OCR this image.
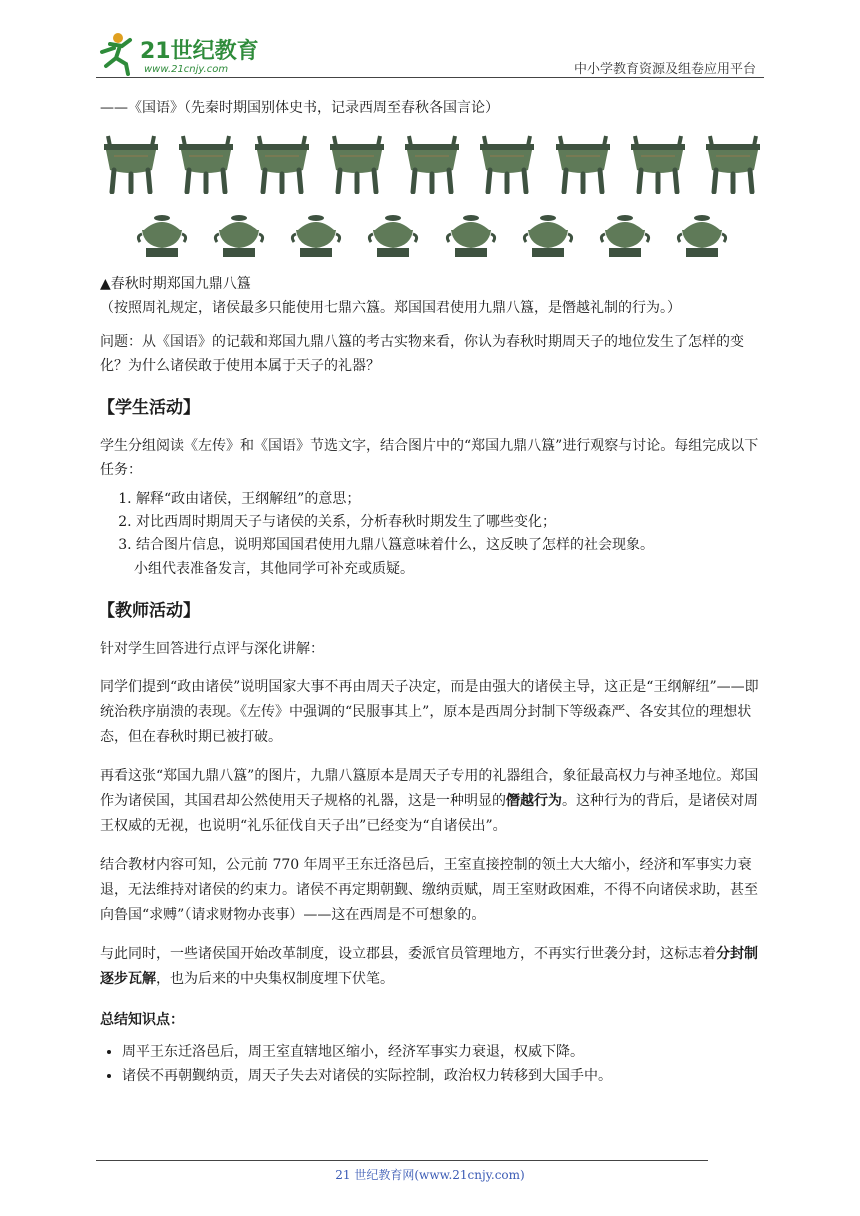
21世纪教育
www.21cnjy.com	中小学教育资源及组卷应用平台

——《国语》（先秦时期国别体史书，记录西周至春秋各国言论）

▲春秋时期郑国九鼎八簋

（按照周礼规定，诸侯最多只能使用七鼎六簋。郑国国君使用九鼎八簋，是僭越礼制的行为。）

问题：从《国语》的记载和郑国九鼎八簋的考古实物来看，你认为春秋时期周天子的地位发生了怎样的变化？为什么诸侯敢于使用本属于天子的礼器？

【学生活动】

学生分组阅读《左传》和《国语》节选文字，结合图片中的“郑国九鼎八簋”进行观察与讨论。每组完成以下任务：

1. 解释“政由诸侯，王纲解纽”的意思；
2. 对比西周时期周天子与诸侯的关系，分析春秋时期发生了哪些变化；
3. 结合图片信息，说明郑国国君使用九鼎八簋意味着什么，这反映了怎样的社会现象。

小组代表准备发言，其他同学可补充或质疑。

【教师活动】

针对学生回答进行点评与深化讲解：

同学们提到“政由诸侯”说明国家大事不再由周天子决定，而是由强大的诸侯主导，这正是“王纲解纽”——即统治秩序崩溃的表现。《左传》中强调的“民服事其上”，原本是西周分封制下等级森严、各安其位的理想状态，但在春秋时期已被打破。

再看这张“郑国九鼎八簋”的图片，九鼎八簋原本是周天子专用的礼器组合，象征最高权力与神圣地位。郑国作为诸侯国，其国君却公然使用天子规格的礼器，这是一种明显的僭越行为。这种行为的背后，是诸侯对周王权威的无视，也说明“礼乐征伐自天子出”已经变为“自诸侯出”。

结合教材内容可知，公元前 770 年周平王东迁洛邑后，王室直接控制的领土大大缩小，经济和军事实力衰退，无法维持对诸侯的约束力。诸侯不再定期朝觐、缴纳贡赋，周王室财政困难，不得不向诸侯求助，甚至向鲁国“求赙”（请求财物办丧事）——这在西周是不可想象的。

与此同时，一些诸侯国开始改革制度，设立郡县，委派官员管理地方，不再实行世袭分封，这标志着分封制逐步瓦解，也为后来的中央集权制度埋下伏笔。

总结知识点：
• 周平王东迁洛邑后，周王室直辖地区缩小，经济军事实力衰退，权威下降。
• 诸侯不再朝觐纳贡，周天子失去对诸侯的实际控制，政治权力转移到大国手中。
21 世纪教育网(www.21cnjy.com)
